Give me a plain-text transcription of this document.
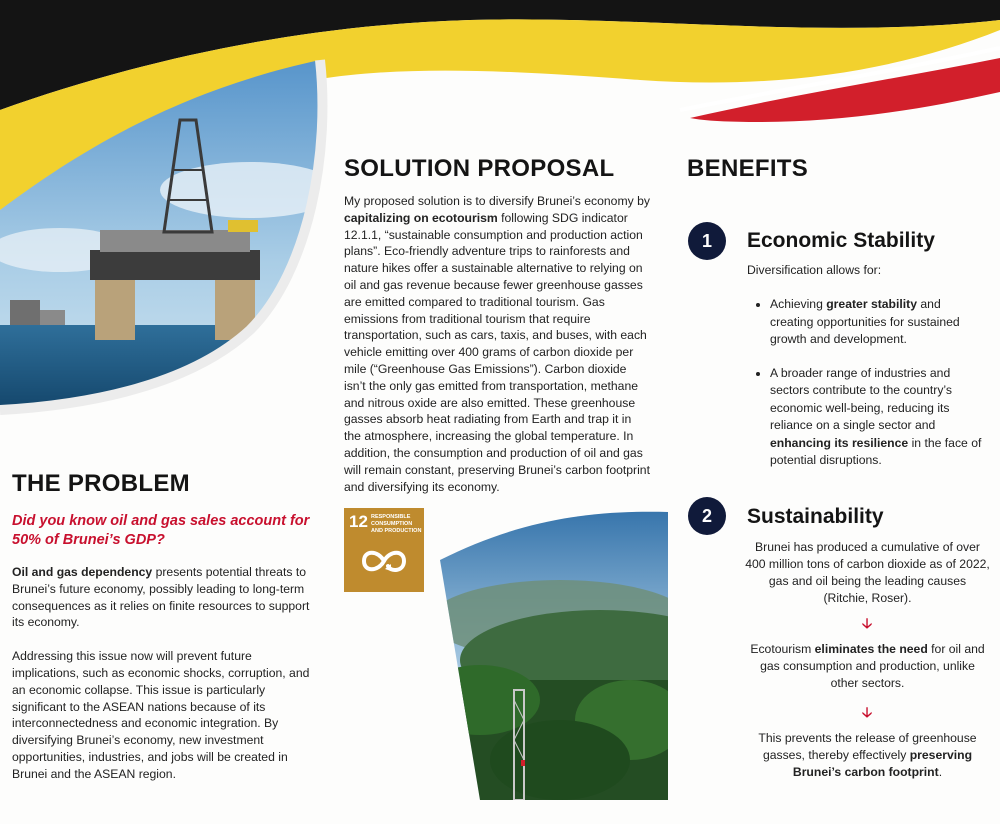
THE PROBLEM
Did you know oil and gas sales account for
50% of Brunei’s GDP?

Oil and gas dependency presents potential threats to Brunei’s future economy, possibly leading to long-term consequences as it relies on finite resources to support its economy.

Addressing this issue now will prevent future implications, such as economic shocks, corruption, and an economic collapse. This issue is particularly significant to the ASEAN nations because of its interconnectedness and economic integration. By diversifying Brunei’s economy, new investment opportunities, industries, and jobs will be created in Brunei and the ASEAN region.

SOLUTION PROPOSAL

My proposed solution is to diversify Brunei’s economy by capitalizing on ecotourism following SDG indicator 12.1.1, “sustainable consumption and production action plans”. Eco-friendly adventure trips to rainforests and nature hikes offer a sustainable alternative to relying on oil and gas revenue because fewer greenhouse gasses are emitted compared to traditional tourism. Gas emissions from traditional tourism that require transportation, such as cars, taxis, and buses, with each vehicle emitting over 400 grams of carbon dioxide per mile (“Greenhouse Gas Emissions”). Carbon dioxide isn’t the only gas emitted from transportation, methane and nitrous oxide are also emitted. These greenhouse gasses absorb heat radiating from Earth and trap it in the atmosphere, increasing the global temperature. In addition, the consumption and production of oil and gas will remain constant, preserving Brunei’s carbon footprint and diversifying its economy.

12 RESPONSIBLE
CONSUMPTION
AND PRODUCTION
BENEFITS
1	Economic Stability
Diversification allows for:
• Achieving greater stability and creating opportunities for sustained growth and development.
• A broader range of industries and sectors contribute to the country’s economic well-being, reducing its reliance on a single sector and enhancing its resilience in the face of potential disruptions.
2	Sustainability
Brunei has produced a cumulative of over 400 million tons of carbon dioxide as of 2022, gas and oil being the leading causes (Ritchie, Roser).
🡣
Ecotourism eliminates the need for oil and gas consumption and production, unlike other sectors.
🡣
This prevents the release of greenhouse gasses, thereby effectively preserving Brunei’s carbon footprint.
